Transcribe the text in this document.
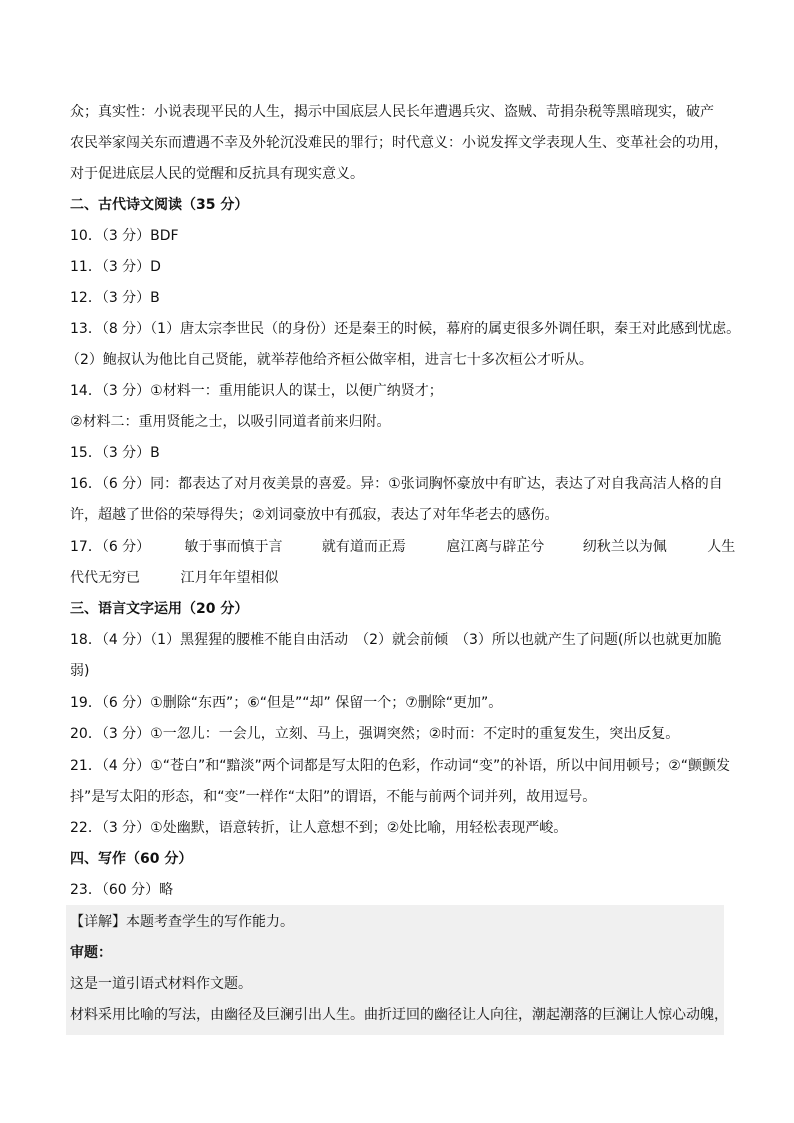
众；真实性：小说表现平民的人生，揭示中国底层人民长年遭遇兵灾、盗贼、苛捐杂税等黑暗现实，破产
农民举家闯关东而遭遇不幸及外轮沉没难民的罪行；时代意义：小说发挥文学表现人生、变革社会的功用，
对于促进底层人民的觉醒和反抗具有现实意义。
二、古代诗文阅读（35 分）
10．（3 分）BDF
11．（3 分）D
12．（3 分）B
13．（8 分）（1）唐太宗李世民（的身份）还是秦王的时候，幕府的属吏很多外调任职，秦王对此感到忧虑。
（2）鲍叔认为他比自己贤能，就举荐他给齐桓公做宰相，进言七十多次桓公才听从。
14．（3 分）①材料一：重用能识人的谋士，以便广纳贤才；
②材料二：重用贤能之士，以吸引同道者前来归附。
15．（3 分）B
16．（6 分）同：都表达了对月夜美景的喜爱。异：①张词胸怀豪放中有旷达，表达了对自我高洁人格的自
许，超越了世俗的荣辱得失；②刘词豪放中有孤寂，表达了对年华老去的感伤。
17．（6 分） 敏于事而慎于言	就有道而正焉	扈江离与辟芷兮	纫秋兰以为佩	人生
代代无穷已	江月年年望相似
三、语言文字运用（20 分）
18．（4 分）（1）黑猩猩的腰椎不能自由活动　（2）就会前倾　（3）所以也就产生了问题(所以也就更加脆
弱)
19．（6 分）①删除“东西”；⑥“但是”“却” 保留一个；⑦删除“更加”。
20．（3 分）①一忽儿：一会儿，立刻、马上，强调突然；②时而：不定时的重复发生，突出反复。
21．（4 分）①“苍白”和“黯淡”两个词都是写太阳的色彩，作动词“变”的补语，所以中间用顿号；②“颤颤发
抖”是写太阳的形态，和“变”一样作“太阳”的谓语，不能与前两个词并列，故用逗号。
22．（3 分）①处幽默，语意转折，让人意想不到；②处比喻，用轻松表现严峻。
四、写作（60 分）
23．（60 分）略
【详解】本题考查学生的写作能力。
审题：
这是一道引语式材料作文题。
材料采用比喻的写法，由幽径及巨澜引出人生。曲折迂回的幽径让人向往，潮起潮落的巨澜让人惊心动魄，
